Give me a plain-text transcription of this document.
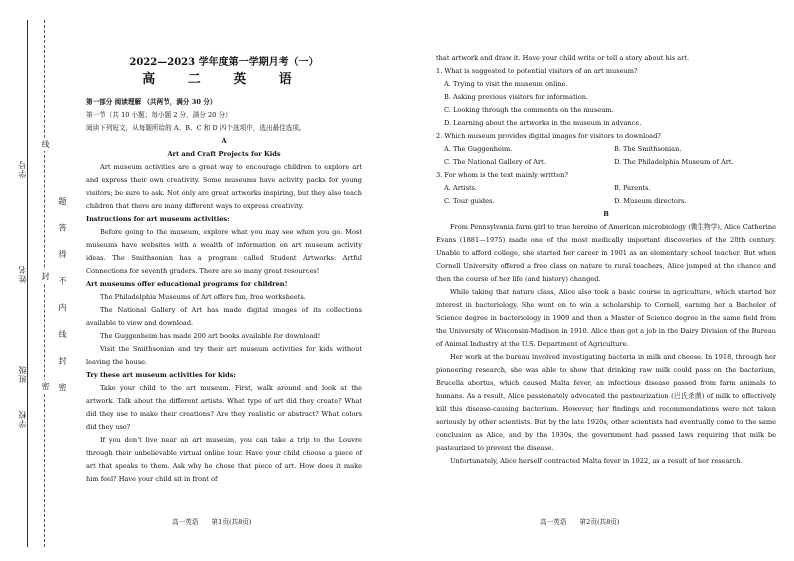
学号
姓名
班级
学校
线
封
密 题 答 得 不 内 线 封 密

2022—2023 学年度第一学期月考（一）

高 二 英 语

第一部分 阅读理解 （共两节，满分 30 分）

第一节（共 10 小题；每小题 2 分，满分 20 分）

阅读下列短文，从每题所给的 A、B、C 和 D 四个选项中，选出最佳选项。

A

Art and Craft Projects for Kids

Art museum activities are a great way to encourage children to explore art and express their own creativity. Some museums have activity packs for young visitors; be sure to ask. Not only are great artworks inspiring, but they also teach children that there are many different ways to express creativity.

Instructions for art museum activities:

Before going to the museum, explore what you may see when you go. Most museums have websites with a wealth of information on art museum activity ideas. The Smithsonian has a program called Student Artworks: Artful Connections for seventh graders. There are so many great resources!

Art museums offer educational programs for children!

The Philadelphia Museums of Art offers fun, free worksheets.

The National Gallery of Art has made digital images of its collections available to view and download.

The Guggenheim has made 200 art books available for download!

Visit the Smithsonian and try their art museum activities for kids without leaving the house.

Try these art museum activities for kids:

Take your child to the art museum. First, walk around and look at the artwork. Talk about the different artists. What type of art did they create? What did they use to make their creations? Are they realistic or abstract? What colors did they use?

If you don’t live near an art museum, you can take a trip to the Louvre through their unbelievable virtual online tour. Have your child choose a piece of art that speaks to them. Ask why he chose that piece of art. How does it make him feel? Have your child sit in front of

高一英语　　第1页(共8页)

that artwork and draw it. Have your child write or tell a story about his art.

1. What is suggested to potential visitors of an art museum?

A. Trying to visit the museum online.

B. Asking previous visitors for information.

C. Looking through the comments on the museum.

D. Learning about the artworks in the museum in advance.

2. Which museum provides digital images for visitors to download?

A. The Guggenheim.	B. The Smithsonian.
C. The National Gallery of Art.	D. The Philadelphia Museum of Art.

3. For whom is the text mainly written?

A. Artists.	B. Parents.
C. Tour guides.	D. Museum directors.

B

From Pennsylvania farm girl to true heroine of American microbiology (微生物学), Alice Catherine Evans (1881—1975) made one of the most medically important discoveries of the 20th century. Unable to afford college, she started her career in 1901 as an elementary school teacher. But when Cornell University offered a free class on nature to rural teachers, Alice jumped at the chance and then the course of her life (and history) changed.

While taking that nature class, Alice also took a basic course in agriculture, which started her interest in bacteriology. She went on to win a scholarship to Cornell, earning her a Bachelor of Science degree in bacteriology in 1909 and then a Master of Science degree in the same field from the University of Wisconsin-Madison in 1910. Alice then got a job in the Dairy Division of the Bureau of Animal Industry at the U.S. Department of Agriculture.

Her work at the bureau involved investigating bacteria in milk and cheese. In 1918, through her pioneering research, she was able to show that drinking raw milk could pass on the bacterium, Brucella abortus, which caused Malta fever, an infectious disease passed from farm animals to humans. As a result, Alice passionately advocated the pasteurization (巴氏杀菌) of milk to effectively kill this disease-causing bacterium. However, her findings and recommendations were not taken seriously by other scientists. But by the late 1920s, other scientists had eventually come to the same conclusion as Alice, and by the 1930s, the government had passed laws requiring that milk be pasteurized to prevent the disease.

Unfortunately, Alice herself contracted Malta fever in 1922, as a result of her research.

高一英语　　第2页(共8页)
